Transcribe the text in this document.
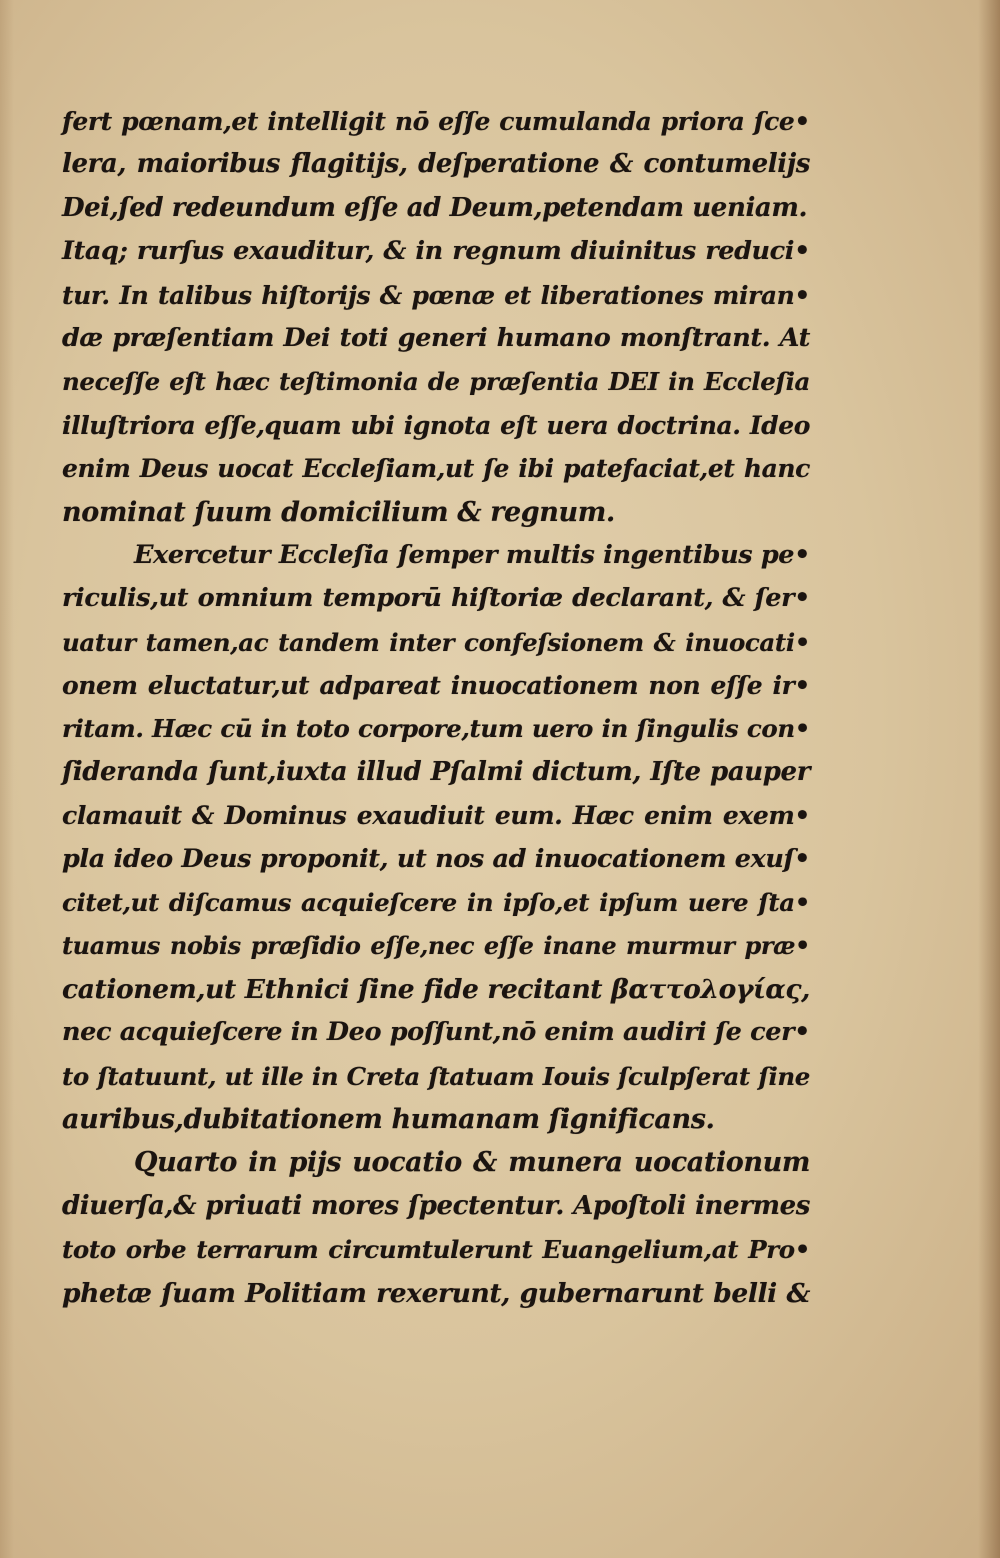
fert pœnam,et intelligit nō eſſe cumulanda priora ſce•
lera, maioribus flagitijs, deſperatione & contumelijs
Dei,ſed redeundum eſſe ad Deum,petendam ueniam.
Itaq; rurſus exauditur, & in regnum diuinitus reduci•
tur. In talibus hiſtorijs & pœnæ et liberationes miran•
dæ præſentiam Dei toti generi humano monſtrant. At
neceſſe eſt hæc teſtimonia de præſentia DEI in Eccleſia
illuſtriora eſſe,quam ubi ignota eſt uera doctrina. Ideo
enim Deus uocat Eccleſiam,ut ſe ibi patefaciat,et hanc
nominat ſuum domicilium & regnum.
Exercetur Eccleſia ſemper multis ingentibus pe•
riculis,ut omnium temporū hiſtoriæ declarant, & ſer•
uatur tamen,ac tandem inter confeſsionem & inuocati•
onem eluctatur,ut adpareat inuocationem non eſſe ir•
ritam. Hæc cū in toto corpore,tum uero in ſingulis con•
ſideranda ſunt,iuxta illud Pſalmi dictum, Iſte pauper
clamauit & Dominus exaudiuit eum. Hæc enim exem•
pla ideo Deus proponit, ut nos ad inuocationem exuſ•
citet,ut diſcamus acquieſcere in ipſo,et ipſum uere ſta•
tuamus nobis præſidio eſſe,nec eſſe inane murmur præ•
cationem,ut Ethnici ſine fide recitant βαττολογίας,
nec acquieſcere in Deo poſſunt,nō enim audiri ſe cer•
to ſtatuunt, ut ille in Creta ſtatuam Iouis ſculpſerat ſine
auribus,dubitationem humanam ſignificans.
Quarto in pijs uocatio & munera uocationum
diuerſa,& priuati mores ſpectentur. Apoſtoli inermes
toto orbe terrarum circumtulerunt Euangelium,at Pro•
phetæ ſuam Politiam rexerunt, gubernarunt belli &
